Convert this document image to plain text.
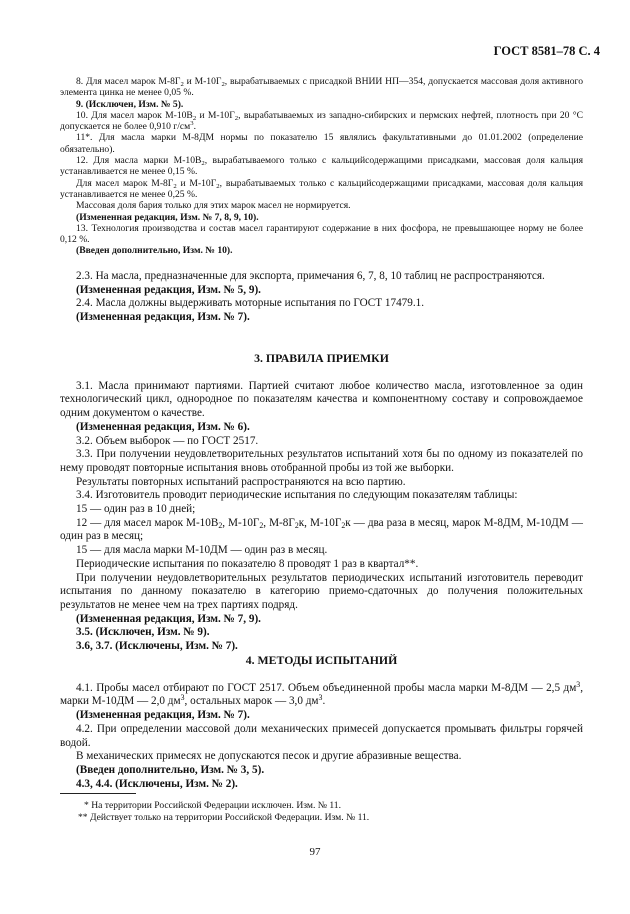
ГОСТ 8581–78 С. 4

8. Для масел марок $М-8Г_2$ и $М-10Г_2$, вырабатываемых с присадкой ВНИИ НП—354, допускается массовая доля активного элемента цинка не менее 0,05 %.

9. (Исключен, Изм. № 5).

10. Для масел марок $М-10В_2$ и $М-10Г_2$, вырабатываемых из западно-сибирских и пермских нефтей, плотность при 20 °С допускается не более 0,910 $г/см^3$.

11*. Для масла марки М-8ДМ нормы по показателю 15 являлись факультативными до 01.01.2002 (определение обязательно).

12. Для масла марки $М-10В_2$, вырабатываемого только с кальцийсодержащими присадками, массовая доля кальция устанавливается не менее 0,15 %.

Для масел марок $М-8Г_2$ и $М-10Г_2$, вырабатываемых только с кальцийсодержащими присадками, массовая доля кальция устанавливается не менее 0,25 %.

Массовая доля бария только для этих марок масел не нормируется.

(Измененная редакция, Изм. № 7, 8, 9, 10).

13. Технология производства и состав масел гарантируют содержание в них фосфора, не превышающее норму не более 0,12 %.

(Введен дополнительно, Изм. № 10).

2.3. На масла, предназначенные для экспорта, примечания 6, 7, 8, 10 таблиц не распространяются.

(Измененная редакция, Изм. № 5, 9).

2.4. Масла должны выдерживать моторные испытания по ГОСТ 17479.1.

(Измененная редакция, Изм. № 7).

3. ПРАВИЛА ПРИЕМКИ

3.1. Масла принимают партиями. Партией считают любое количество масла, изготовленное за один технологический цикл, однородное по показателям качества и компонентному составу и сопровождаемое одним документом о качестве.

(Измененная редакция, Изм. № 6).

3.2. Объем выборок — по ГОСТ 2517.

3.3. При получении неудовлетворительных результатов испытаний хотя бы по одному из показателей по нему проводят повторные испытания вновь отобранной пробы из той же выборки.

Результаты повторных испытаний распространяются на всю партию.

3.4. Изготовитель проводит периодические испытания по следующим показателям таблицы:

15 — один раз в 10 дней;

12 — для масел марок $М-10В_2$, $М-10Г_2$, $М-8Г_2к$, $М-10Г_2к$ — два раза в месяц, марок М-8ДМ, М-10ДМ — один раз в месяц;

15 — для масла марки М-10ДМ — один раз в месяц.

Периодические испытания по показателю 8 проводят 1 раз в квартал**.

При получении неудовлетворительных результатов периодических испытаний изготовитель переводит испытания по данному показателю в категорию приемо-сдаточных до получения положительных результатов не менее чем на трех партиях подряд.

(Измененная редакция, Изм. № 7, 9).

3.5. (Исключен, Изм. № 9).

3.6, 3.7. (Исключены, Изм. № 7).

4. МЕТОДЫ ИСПЫТАНИЙ

4.1. Пробы масел отбирают по ГОСТ 2517. Объем объединенной пробы масла марки М-8ДМ — 2,5 $дм^3$, марки М-10ДМ — 2,0 $дм^3$, остальных марок — 3,0 $дм^3$.

(Измененная редакция, Изм. № 7).

4.2. При определении массовой доли механических примесей допускается промывать фильтры горячей водой.

В механических примесях не допускаются песок и другие абразивные вещества.

(Введен дополнительно, Изм. № 3, 5).

4.3, 4.4. (Исключены, Изм. № 2).

* На территории Российской Федерации исключен. Изм. № 11.
** Действует только на территории Российской Федерации. Изм. № 11.
97
